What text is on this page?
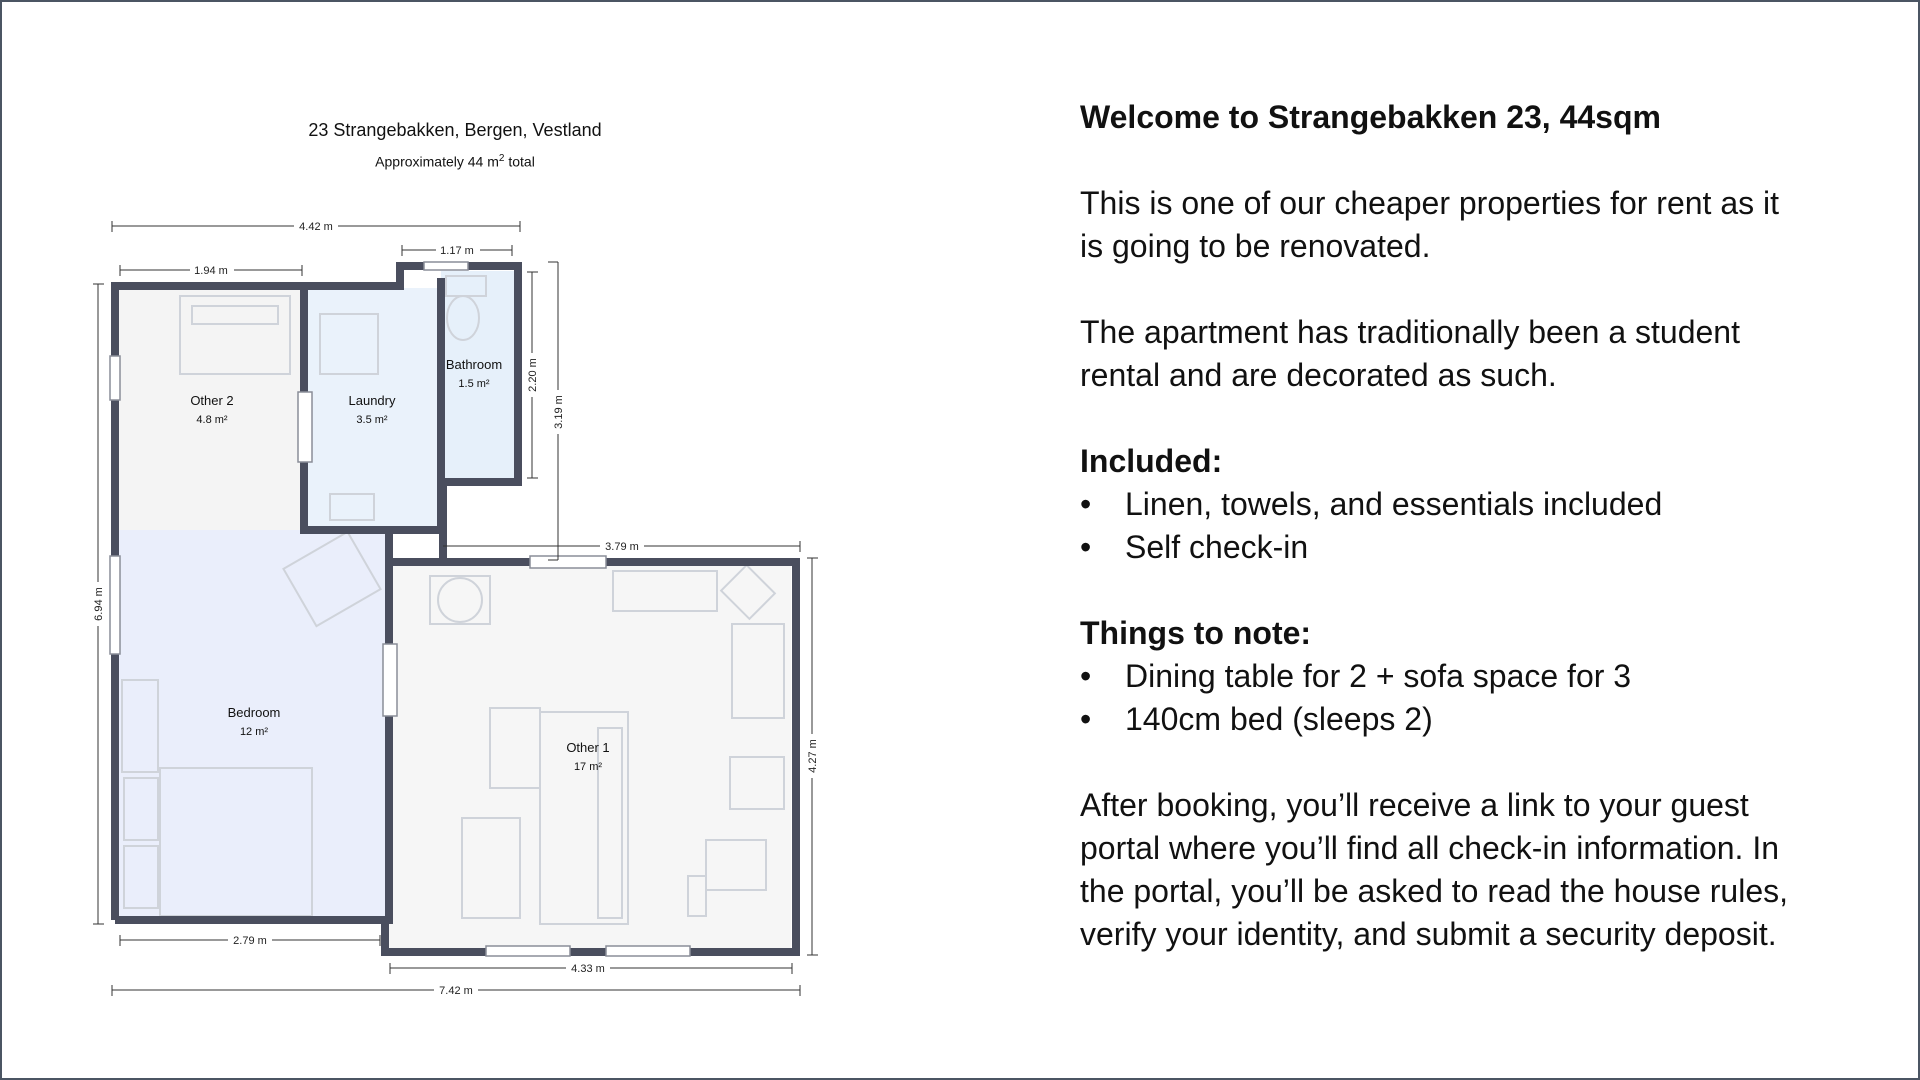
23 Strangebakken, Bergen, Vestland
Approximately 44 $m^2$ total
4.42 m
1.94 m
1.17 m
2.20 m
3.19 m
6.94 m
3.79 m
4.27 m
2.79 m
4.33 m
7.42 m
Other 2
4.8 m²
Laundry
3.5 m²
Bathroom
1.5 m²
Bedroom
12 m²
Other 1
17 m²
Welcome to Strangebakken 23, 44sqm

This is one of our cheaper properties for rent as it is going to be renovated.

The apartment has traditionally been a student rental and are decorated as such.

Included:
• Linen, towels, and essentials included
• Self check-in
Things to note:
• Dining table for 2 + sofa space for 3
• 140cm bed (sleeps 2)

After booking, you’ll receive a link to your guest portal where you’ll find all check-in information. In the portal, you’ll be asked to read the house rules, verify your identity, and submit a security deposit.
